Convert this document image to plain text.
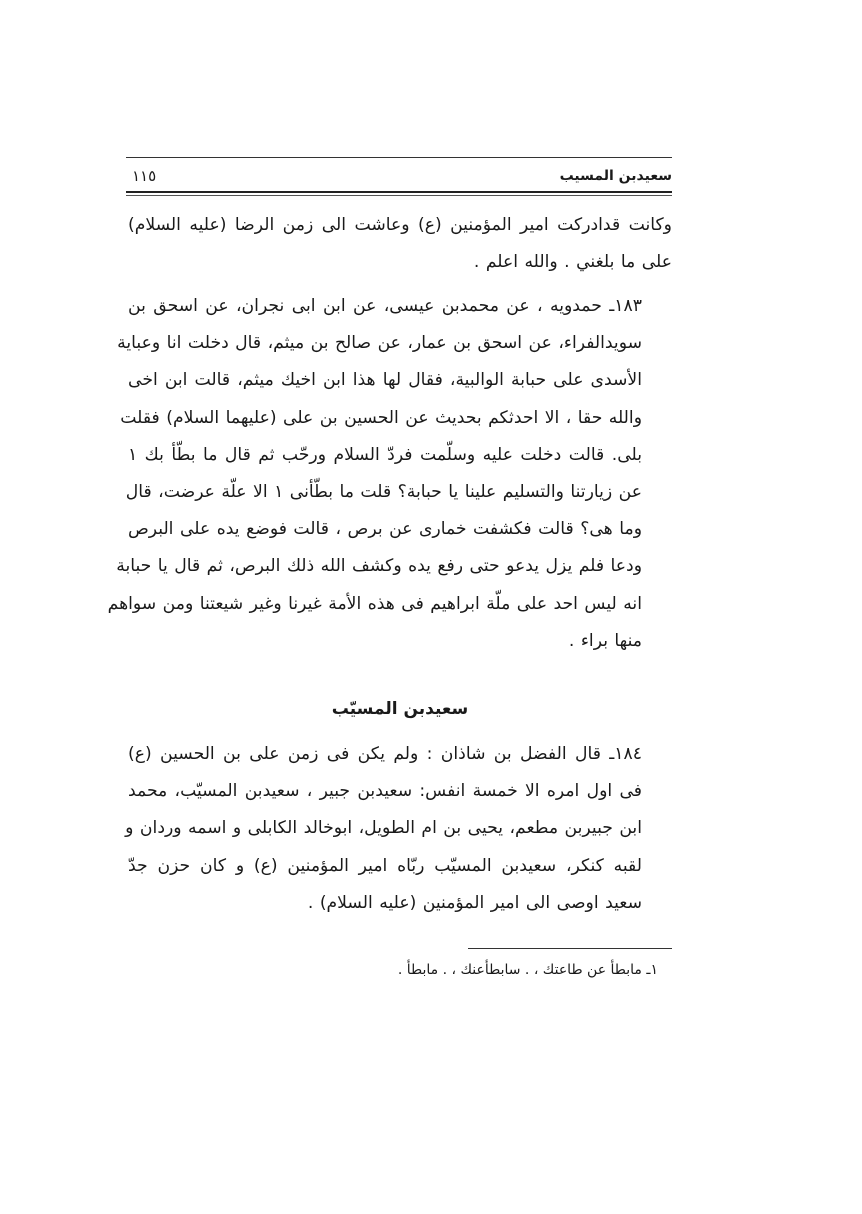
سعيدبن المسيب
١١٥
وكانت قدادركت امير المؤمنين (ع) وعاشت الى زمن الرضا (عليه السلام)
على ما بلغني . والله اعلم .
١٨٣ـ حمدويه ، عن محمدبن عيسى، عن ابن ابى نجران، عن اسحق بن
سويدالفراء، عن اسحق بن عمار، عن صالح بن ميثم، قال دخلت انا وعباية
الأسدى على حبابة الوالبية، فقال لها هذا ابن اخيك ميثم، قالت ابن اخى
والله حقا ، الا احدثكم بحديث عن الحسين بن على (عليهما السلام) فقلت
بلى. قالت دخلت عليه وسلّمت فردّ السلام ورحّب ثم قال ما بطّأ بك ١
عن زيارتنا والتسليم علينا يا حبابة؟ قلت ما بطّأنى ١ الا علّة عرضت، قال
وما هى؟ قالت فكشفت خمارى عن برص ، قالت فوضع يده على البرص
ودعا فلم يزل يدعو حتى رفع يده وكشف الله ذلك البرص، ثم قال يا حبابة
انه ليس احد على ملّة ابراهيم فى هذه الأمة غيرنا وغير شيعتنا ومن سواهم
منها براء .
سعيدبن المسيّب
١٨٤ـ قال الفضل بن شاذان : ولم يكن فى زمن على بن الحسين (ع)
فى اول امره الا خمسة انفس: سعيدبن جبير ، سعيدبن المسيّب، محمد
ابن جبيربن مطعم، يحيى بن ام الطويل، ابوخالد الكابلى و اسمه وردان و
لقبه كنكر، سعيدبن المسيّب ربّاه امير المؤمنين (ع) و كان حزن جدّ
سعيد اوصى الى امير المؤمنين (عليه السلام) .
١ـ مابطأ عن طاعتك ، . سابطأعنك ، . مابطأ .
